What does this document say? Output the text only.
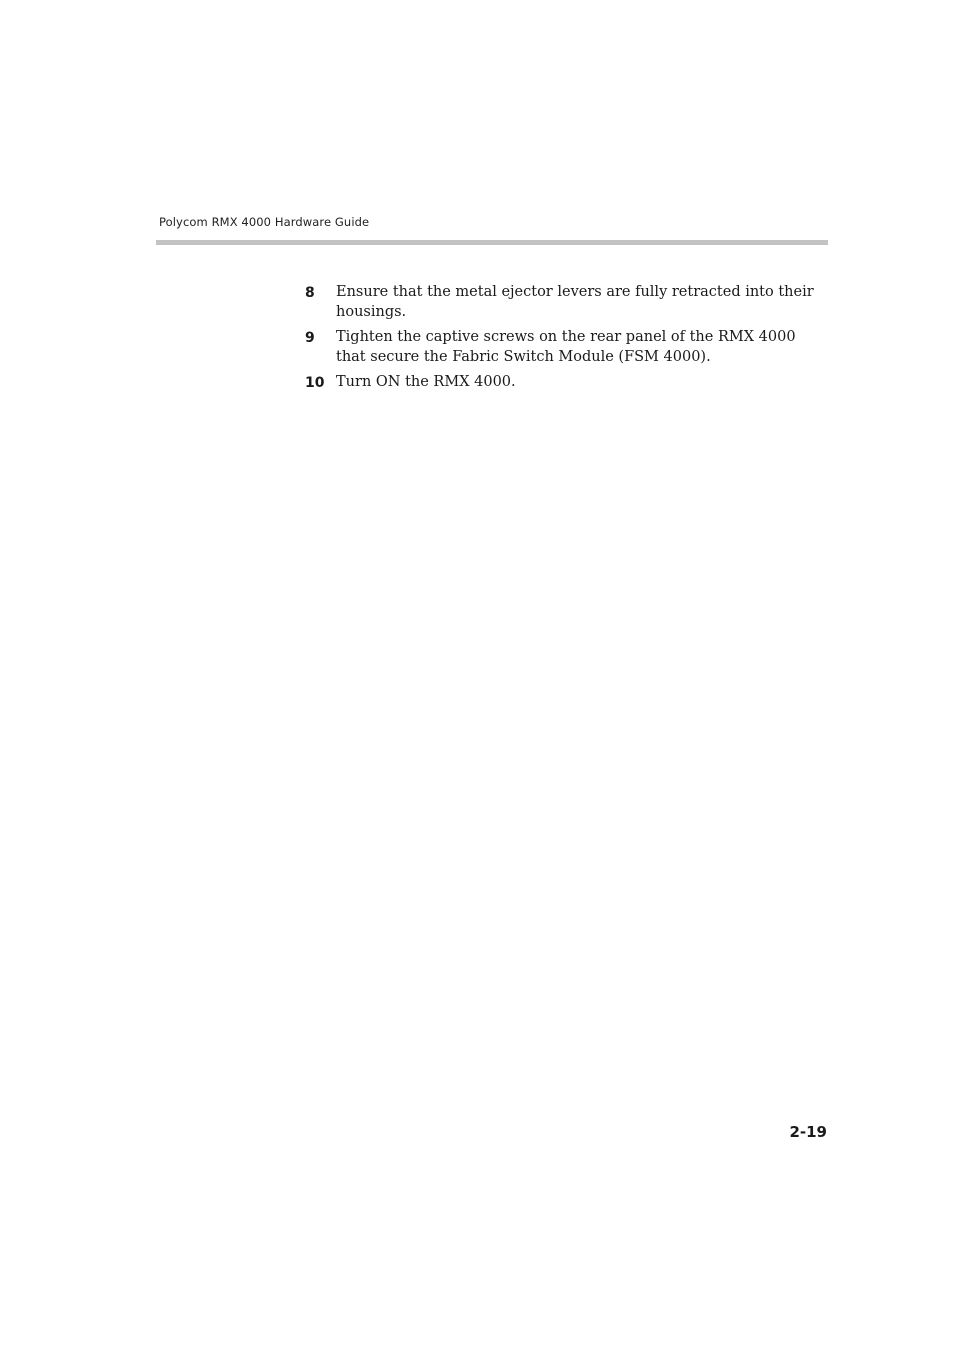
Polycom RMX 4000 Hardware Guide
8	Ensure that the metal ejector levers are fully retracted into their housings.
9	Tighten the captive screws on the rear panel of the RMX 4000 that secure the Fabric Switch Module (FSM 4000).
10 Turn ON the RMX 4000.
2-19
